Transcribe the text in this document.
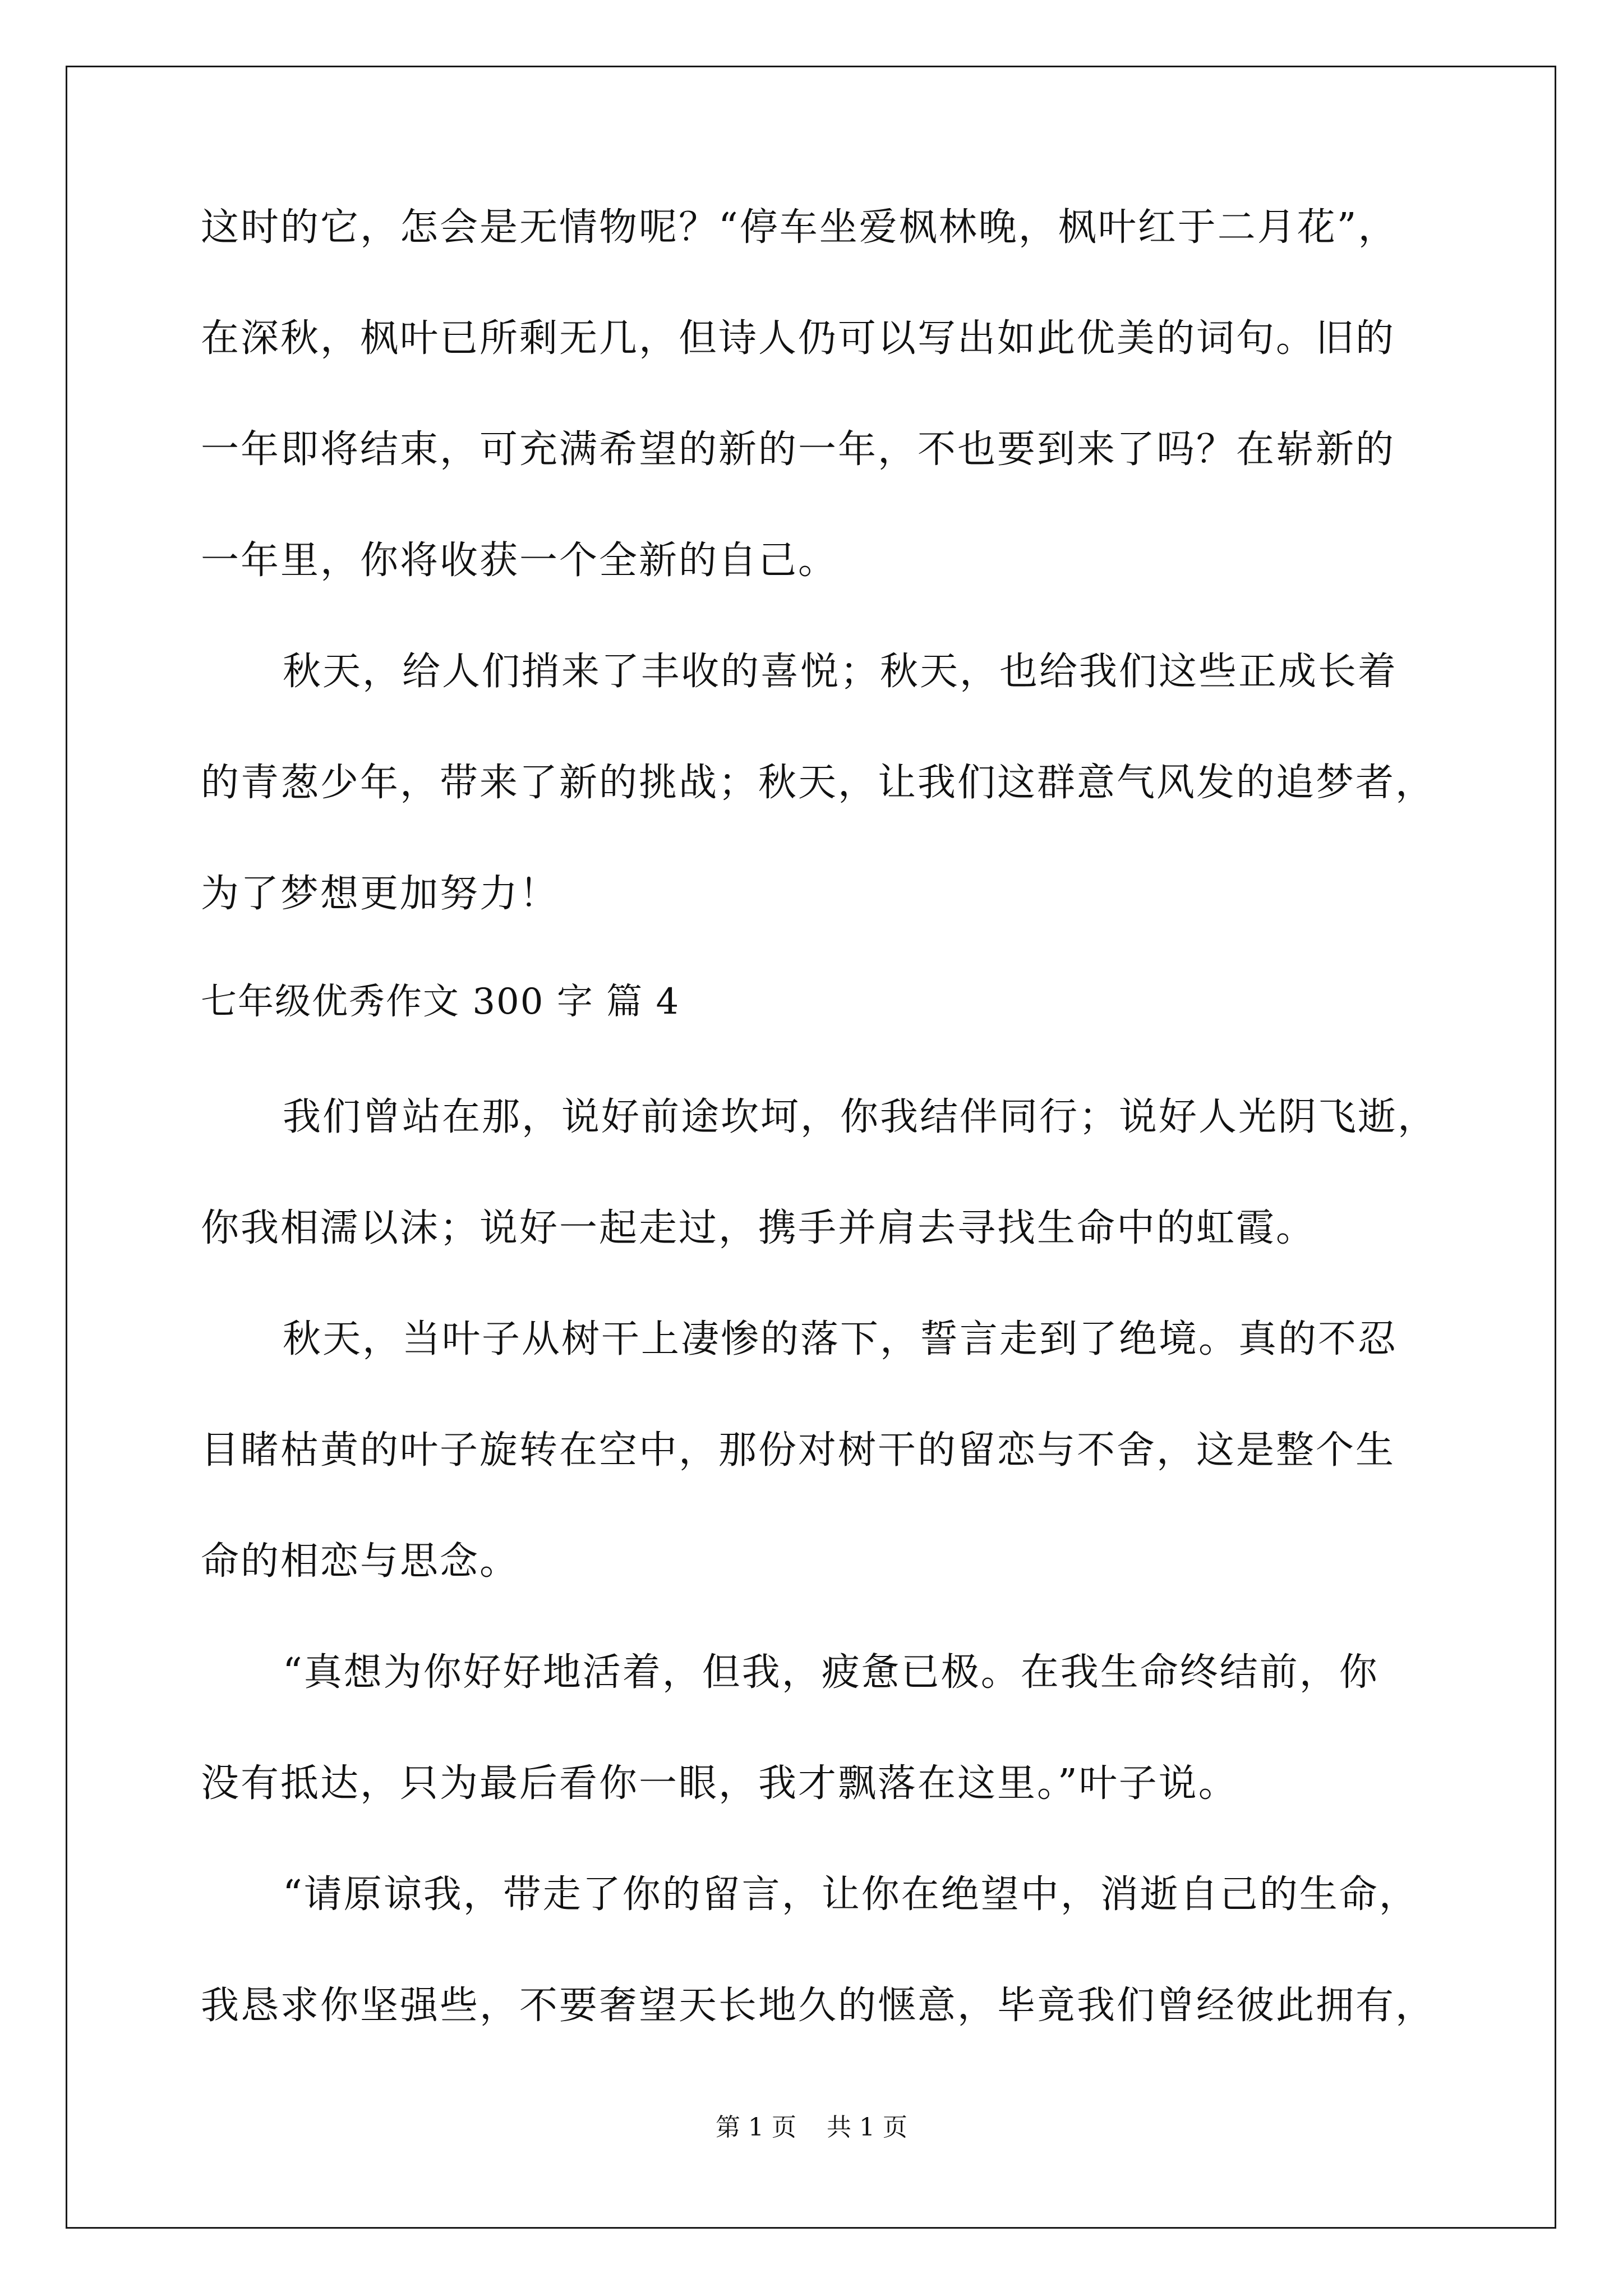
这时的它，怎会是无情物呢？“停车坐爱枫林晚，枫叶红于二月花”，
在深秋，枫叶已所剩无几，但诗人仍可以写出如此优美的词句。旧的
一年即将结束，可充满希望的新的一年，不也要到来了吗？在崭新的
一年里，你将收获一个全新的自己。
秋天，给人们捎来了丰收的喜悦；秋天，也给我们这些正成长着
的青葱少年，带来了新的挑战；秋天，让我们这群意气风发的追梦者，
为了梦想更加努力！
七年级优秀作文 300 字 篇 4
我们曾站在那，说好前途坎坷，你我结伴同行；说好人光阴飞逝，
你我相濡以沫；说好一起走过，携手并肩去寻找生命中的虹霞。
秋天，当叶子从树干上凄惨的落下，誓言走到了绝境。真的不忍
目睹枯黄的叶子旋转在空中，那份对树干的留恋与不舍，这是整个生
命的相恋与思念。
“真想为你好好地活着，但我，疲惫已极。在我生命终结前，你
没有抵达，只为最后看你一眼，我才飘落在这里。”叶子说。
“请原谅我，带走了你的留言，让你在绝望中，消逝自己的生命，
我恳求你坚强些，不要奢望天长地久的惬意，毕竟我们曾经彼此拥有，
第 1 页 共 1 页
